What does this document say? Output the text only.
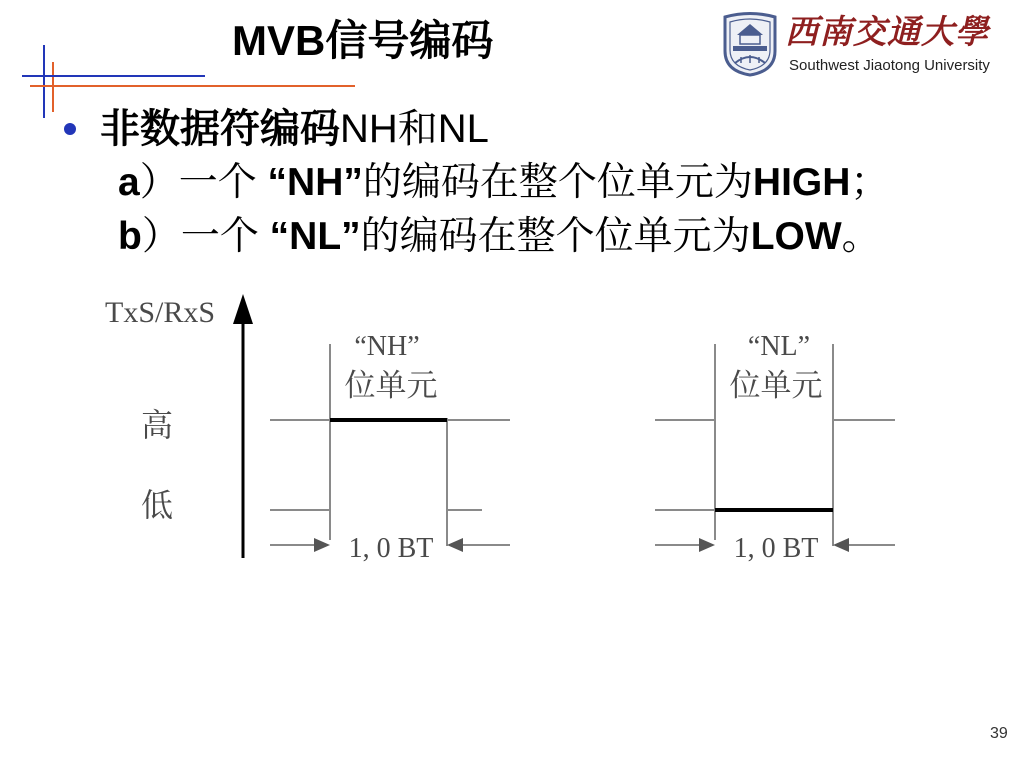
MVB信号编码	西南交通大學
Southwest Jiaotong University
非数据符编码NH和NL
a）一个 “NH”的编码在整个位单元为HIGH；
b）一个 “NL”的编码在整个位单元为LOW。
TxS/RxS
高
低
“NH”
位单元
1, 0 BT
“NL”
位单元
1, 0 BT
39
